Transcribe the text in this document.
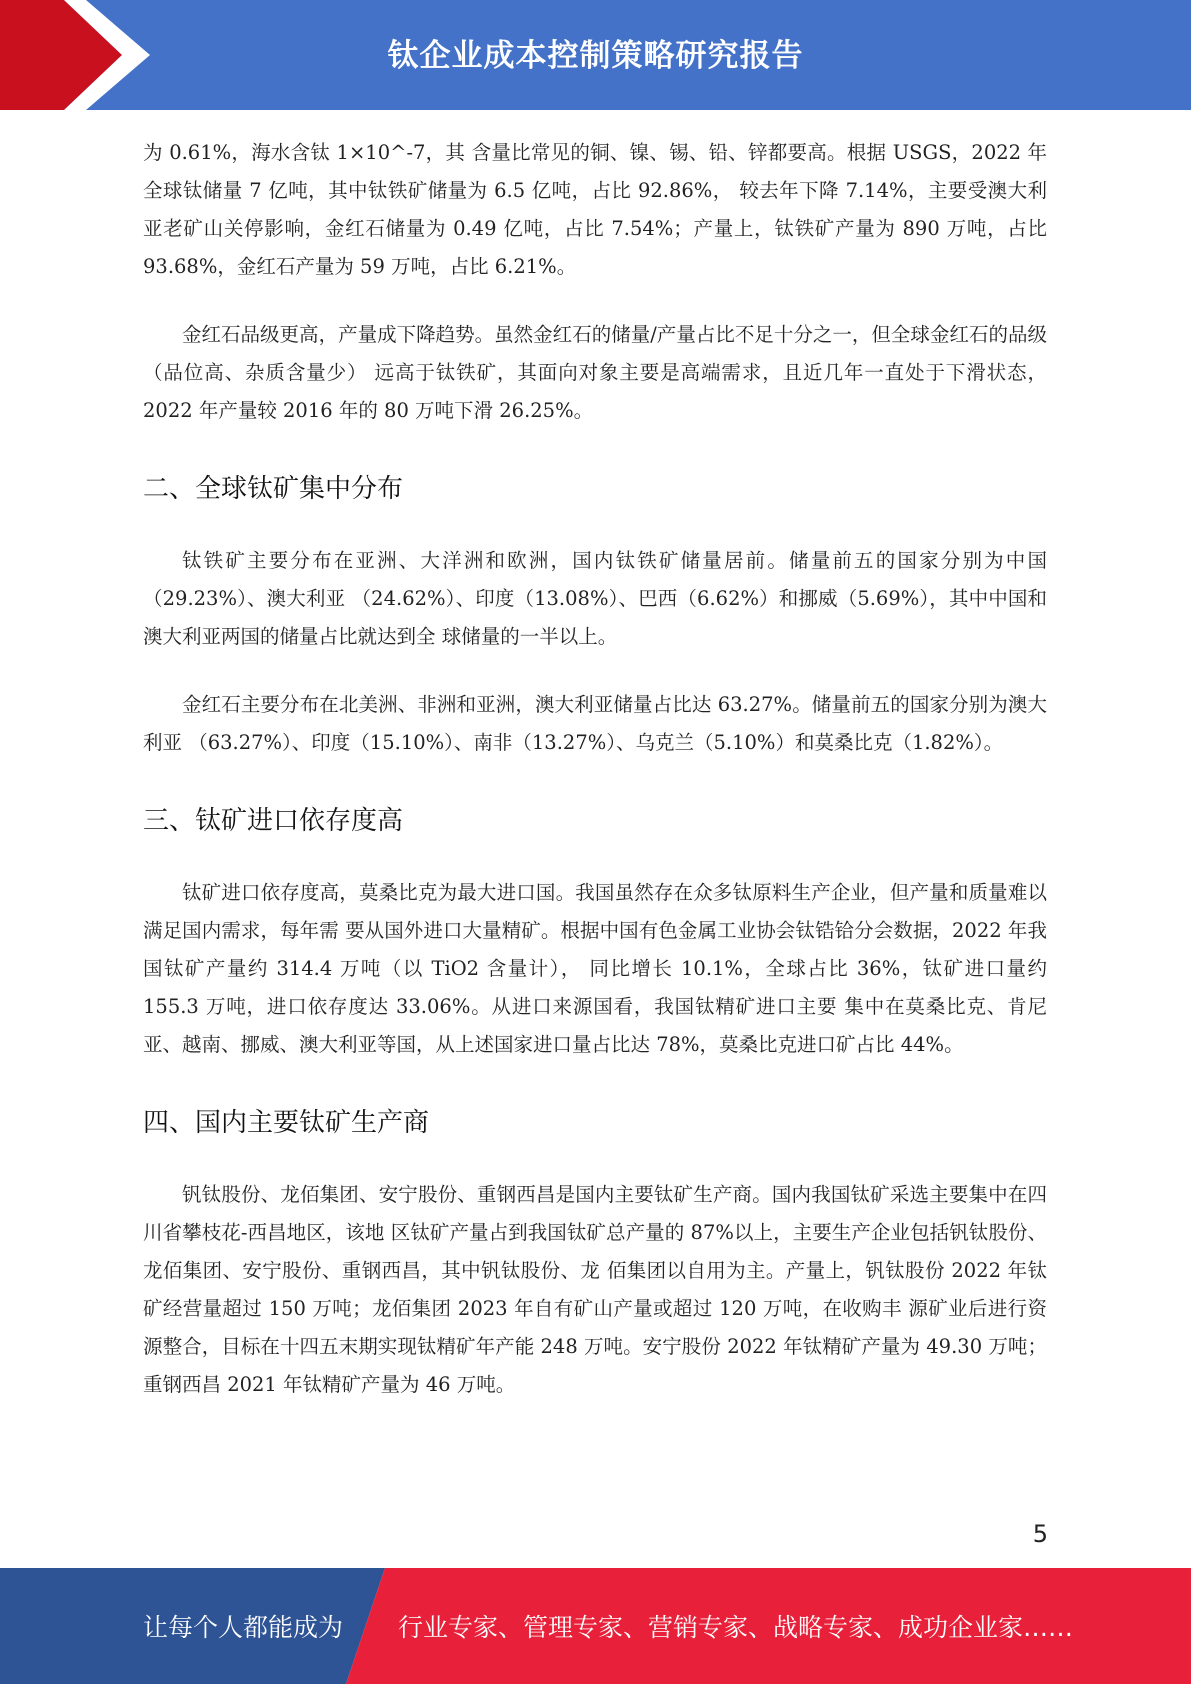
钛企业成本控制策略研究报告

为 0.61%，海水含钛 1×10^-7，其 含量比常见的铜、镍、锡、铅、锌都要高。根据 USGS，2022 年全球钛储量 7 亿吨，其中钛铁矿储量为 6.5 亿吨，占比 92.86%， 较去年下降 7.14%，主要受澳大利亚老矿山关停影响，金红石储量为 0.49 亿吨，占比 7.54%；产量上，钛铁矿产量为 890 万吨，占比 93.68%，金红石产量为 59 万吨，占比 6.21%。

金红石品级更高，产量成下降趋势。虽然金红石的储量/产量占比不足十分之一，但全球金红石的品级（品位高、杂质含量少） 远高于钛铁矿，其面向对象主要是高端需求，且近几年一直处于下滑状态，2022 年产量较 2016 年的 80 万吨下滑 26.25%。

二、全球钛矿集中分布

钛铁矿主要分布在亚洲、大洋洲和欧洲，国内钛铁矿储量居前。储量前五的国家分别为中国（29.23%）、澳大利亚 （24.62%）、印度（13.08%）、巴西（6.62%）和挪威（5.69%），其中中国和澳大利亚两国的储量占比就达到全 球储量的一半以上。

金红石主要分布在北美洲、非洲和亚洲，澳大利亚储量占比达 63.27%。储量前五的国家分别为澳大利亚 （63.27%）、印度（15.10%）、南非（13.27%）、乌克兰（5.10%）和莫桑比克（1.82%）。

三、钛矿进口依存度高

钛矿进口依存度高，莫桑比克为最大进口国。我国虽然存在众多钛原料生产企业，但产量和质量难以满足国内需求，每年需 要从国外进口大量精矿。根据中国有色金属工业协会钛锆铪分会数据，2022 年我国钛矿产量约 314.4 万吨（以 TiO2 含量计）， 同比增长 10.1%，全球占比 36%，钛矿进口量约 155.3 万吨，进口依存度达 33.06%。从进口来源国看，我国钛精矿进口主要 集中在莫桑比克、肯尼亚、越南、挪威、澳大利亚等国，从上述国家进口量占比达 78%，莫桑比克进口矿占比 44%。

四、国内主要钛矿生产商

钒钛股份、龙佰集团、安宁股份、重钢西昌是国内主要钛矿生产商。国内我国钛矿采选主要集中在四川省攀枝花-西昌地区，该地 区钛矿产量占到我国钛矿总产量的 87%以上，主要生产企业包括钒钛股份、龙佰集团、安宁股份、重钢西昌，其中钒钛股份、龙 佰集团以自用为主。产量上，钒钛股份 2022 年钛矿经营量超过 150 万吨；龙佰集团 2023 年自有矿山产量或超过 120 万吨，在收购丰 源矿业后进行资源整合，目标在十四五末期实现钛精矿年产能 248 万吨。安宁股份 2022 年钛精矿产量为 49.30 万吨；重钢西昌 2021 年钛精矿产量为 46 万吨。

5
让每个人都能成为 行业专家、管理专家、营销专家、战略专家、成功企业家……
